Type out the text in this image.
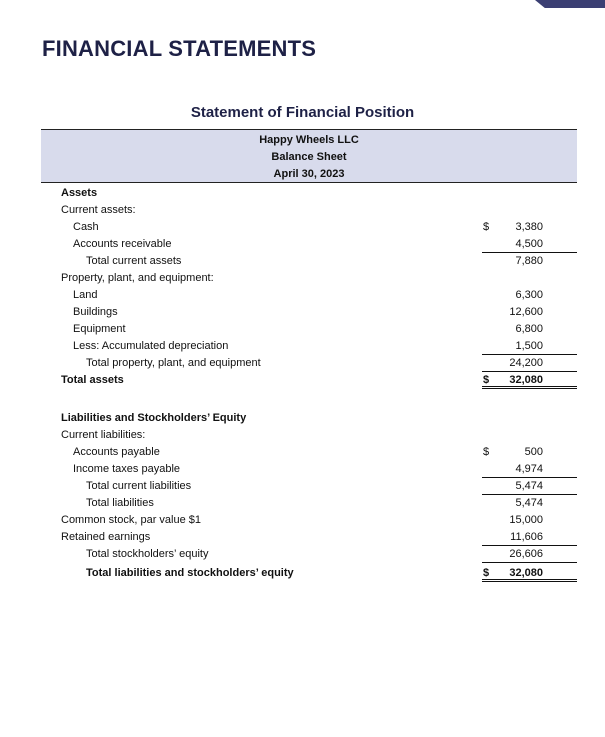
FINANCIAL STATEMENTS
Statement of Financial Position
Happy Wheels LLC
Balance Sheet
April 30, 2023
Assets
Current assets:
Cash	$	3,380
Accounts receivable	4,500
Total current assets	7,880
Property, plant, and equipment:
Land	6,300
Buildings	12,600
Equipment	6,800
Less: Accumulated depreciation	1,500
Total property, plant, and equipment	24,200
Total assets	$	32,080
Liabilities and Stockholders’ Equity
Current liabilities:
Accounts payable	$	500
Income taxes payable	4,974
Total current liabilities	5,474
Total liabilities	5,474
Common stock, par value $1	15,000
Retained earnings	11,606
Total stockholders’ equity	26,606
Total liabilities and stockholders’ equity	$	32,080
